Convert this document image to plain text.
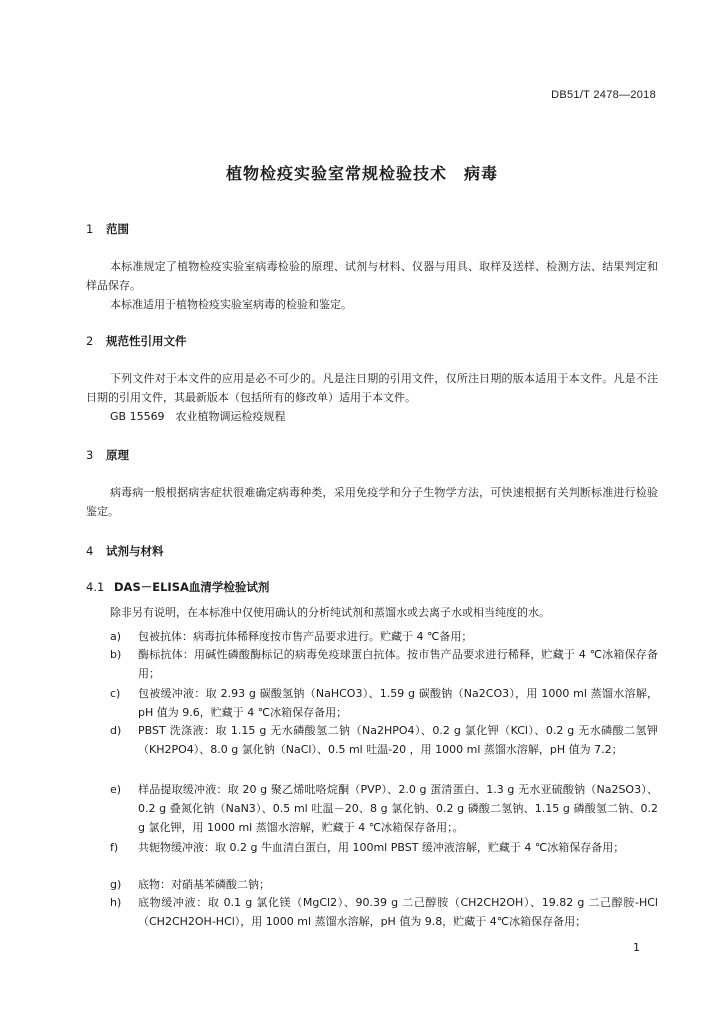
DB51/T 2478—2018
植物检疫实验室常规检验技术　病毒
1 范围
本标准规定了植物检疫实验室病毒检验的原理、试剂与材料、仪器与用具、取样及送样、检测方法、结果判定和样品保存。
本标准适用于植物检疫实验室病毒的检验和鉴定。
2 规范性引用文件
下列文件对于本文件的应用是必不可少的。凡是注日期的引用文件，仅所注日期的版本适用于本文件。凡是不注日期的引用文件，其最新版本（包括所有的修改单）适用于本文件。
GB 15569　农业植物调运检疫规程
3 原理
病毒病一般根据病害症状很难确定病毒种类，采用免疫学和分子生物学方法，可快速根据有关判断标准进行检验鉴定。
4 试剂与材料
4.1 DAS－ELISA血清学检验试剂
除非另有说明，在本标准中仅使用确认的分析纯试剂和蒸馏水或去离子水或相当纯度的水。
a)	包被抗体：病毒抗体稀释度按市售产品要求进行。贮藏于 4 ℃备用；
b)	酶标抗体：用碱性磷酸酶标记的病毒免疫球蛋白抗体。按市售产品要求进行稀释，贮藏于 4 ℃冰箱保存备用；
c)	包被缓冲液：取 2.93 g 碳酸氢钠（NaHCO3）、1.59 g 碳酸钠（Na2CO3），用 1000 ml 蒸馏水溶解，pH 值为 9.6，贮藏于 4 ℃冰箱保存备用；
d)	PBST 洗涤液：取 1.15 g 无水磷酸氢二钠（Na2HPO4）、0.2 g 氯化钾（KCl）、0.2 g 无水磷酸二氢钾（KH2PO4）、8.0 g 氯化钠（NaCl）、0.5 ml 吐温-20 ，用 1000 ml 蒸馏水溶解，pH 值为 7.2；
e)	样品提取缓冲液：取 20 g 聚乙烯吡咯烷酮（PVP）、2.0 g 蛋清蛋白、1.3 g 无水亚硫酸钠（Na2SO3）、0.2 g 叠氮化钠（NaN3）、0.5 ml 吐温－20、8 g 氯化钠、0.2 g 磷酸二氢钠、1.15 g 磷酸氢二钠、0.2 g 氯化钾，用 1000 ml 蒸馏水溶解，贮藏于 4 ℃冰箱保存备用；。
f)	共轭物缓冲液：取 0.2 g 牛血清白蛋白，用 100ml PBST 缓冲液溶解，贮藏于 4 ℃冰箱保存备用；
g)	底物：对硝基苯磷酸二钠；
h)	底物缓冲液：取 0.1 g 氯化镁（MgCl2）、90.39 g 二己醇胺（CH2CH2OH）、19.82 g 二己醇胺-HCl（CH2CH2OH-HCl），用 1000 ml 蒸馏水溶解，pH 值为 9.8，贮藏于 4℃冰箱保存备用；
1
